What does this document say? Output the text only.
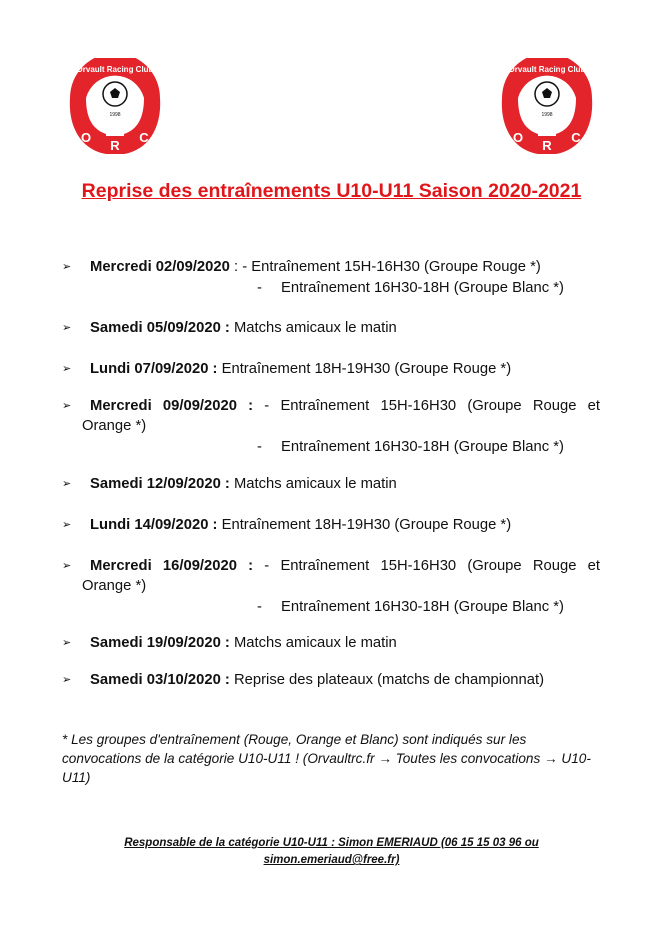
Orvault Racing Club
1998
O
R
C
Orvault Racing Club
1998
O
R
C
Reprise des entraînements U10-U11 Saison 2020-2021
➢	Mercredi 02/09/2020 : - Entraînement 15H-16H30 (Groupe Rouge *)
- Entraînement 16H30-18H (Groupe Blanc *)
➢	Samedi 05/09/2020 : Matchs amicaux le matin
➢	Lundi 07/09/2020 : Entraînement 18H-19H30 (Groupe Rouge *)
➢	Mercredi 09/09/2020 : - Entraînement 15H-16H30 (Groupe Rouge et
Orange *)
- Entraînement 16H30-18H (Groupe Blanc *)
➢	Samedi 12/09/2020 : Matchs amicaux le matin
➢	Lundi 14/09/2020 : Entraînement 18H-19H30 (Groupe Rouge *)
➢	Mercredi 16/09/2020 : - Entraînement 15H-16H30 (Groupe Rouge et
Orange *)
- Entraînement 16H30-18H (Groupe Blanc *)
➢	Samedi 19/09/2020 : Matchs amicaux le matin
➢	Samedi 03/10/2020 : Reprise des plateaux (matchs de championnat)
* Les groupes d'entraînement (Rouge, Orange et Blanc) sont indiqués sur les convocations de la catégorie U10-U11 ! (Orvaultrc.fr → Toutes les convocations → U10-U11)
Responsable de la catégorie U10-U11 : Simon EMERIAUD (06 15 15 03 96 ou
simon.emeriaud@free.fr)
